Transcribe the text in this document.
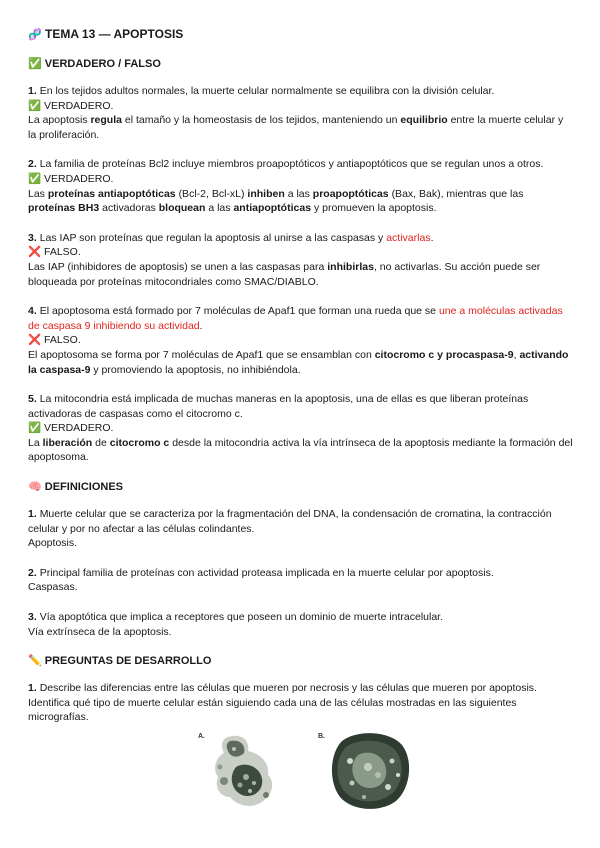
🧬 TEMA 13 — APOPTOSIS
✅ VERDADERO / FALSO

1. En los tejidos adultos normales, la muerte celular normalmente se equilibra con la división celular.

✅ VERDADERO.

La apoptosis regula el tamaño y la homeostasis de los tejidos, manteniendo un equilibrio entre la muerte celular y la proliferación.

2. La familia de proteínas Bcl2 incluye miembros proapoptóticos y antiapoptóticos que se regulan unos a otros.

✅ VERDADERO.

Las proteínas antiapoptóticas (Bcl-2, Bcl-xL) inhiben a las proapoptóticas (Bax, Bak), mientras que las proteínas BH3 activadoras bloquean a las antiapoptóticas y promueven la apoptosis.

3. Las IAP son proteínas que regulan la apoptosis al unirse a las caspasas y activarlas.

❌ FALSO.

Las IAP (inhibidores de apoptosis) se unen a las caspasas para inhibirlas, no activarlas. Su acción puede ser bloqueada por proteínas mitocondriales como SMAC/DIABLO.

4. El apoptosoma está formado por 7 moléculas de Apaf1 que forman una rueda que se une a moléculas activadas de caspasa 9 inhibiendo su actividad.

❌ FALSO.

El apoptosoma se forma por 7 moléculas de Apaf1 que se ensamblan con citocromo c y procaspasa-9, activando la caspasa-9 y promoviendo la apoptosis, no inhibiéndola.

5. La mitocondria está implicada de muchas maneras en la apoptosis, una de ellas es que liberan proteínas activadoras de caspasas como el citocromo c.

✅ VERDADERO.

La liberación de citocromo c desde la mitocondria activa la vía intrínseca de la apoptosis mediante la formación del apoptosoma.

🧠 DEFINICIONES

1. Muerte celular que se caracteriza por la fragmentación del DNA, la condensación de cromatina, la contracción celular y por no afectar a las células colindantes.

Apoptosis.

2. Principal familia de proteínas con actividad proteasa implicada en la muerte celular por apoptosis.

Caspasas.

3. Vía apoptótica que implica a receptores que poseen un dominio de muerte intracelular.

Vía extrínseca de la apoptosis.

✏️ PREGUNTAS DE DESARROLLO

1. Describe las diferencias entre las células que mueren por necrosis y las células que mueren por apoptosis. Identifica qué tipo de muerte celular están siguiendo cada una de las células mostradas en las siguientes micrografías.

A.	B.
